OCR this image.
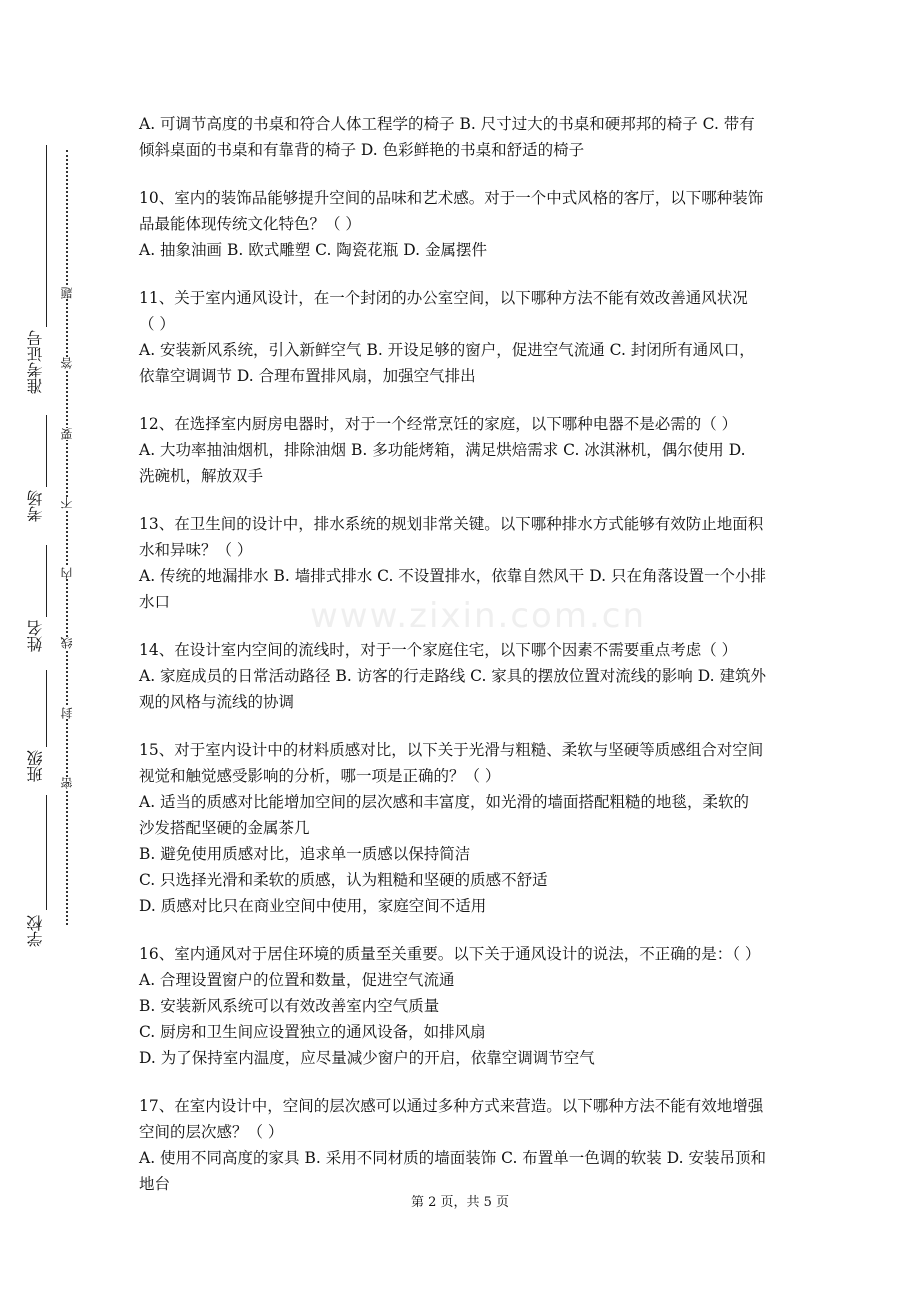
准考证号
考场
姓名
班级
学校
题
答
要
不
内
线
封
密
www.zixin.com.cn
A. 可调节高度的书桌和符合人体工程学的椅子 B. 尺寸过大的书桌和硬邦邦的椅子 C. 带有
倾斜桌面的书桌和有靠背的椅子 D. 色彩鲜艳的书桌和舒适的椅子
10、室内的装饰品能够提升空间的品味和艺术感。对于一个中式风格的客厅，以下哪种装饰
品最能体现传统文化特色？（ ）
A. 抽象油画 B. 欧式雕塑 C. 陶瓷花瓶 D. 金属摆件
11、关于室内通风设计，在一个封闭的办公室空间，以下哪种方法不能有效改善通风状况
（ ）
A. 安装新风系统，引入新鲜空气 B. 开设足够的窗户，促进空气流通 C. 封闭所有通风口，
依靠空调调节 D. 合理布置排风扇，加强空气排出
12、在选择室内厨房电器时，对于一个经常烹饪的家庭，以下哪种电器不是必需的（ ）
A. 大功率抽油烟机，排除油烟 B. 多功能烤箱，满足烘焙需求 C. 冰淇淋机，偶尔使用 D.
洗碗机，解放双手
13、在卫生间的设计中，排水系统的规划非常关键。以下哪种排水方式能够有效防止地面积
水和异味？（ ）
A. 传统的地漏排水 B. 墙排式排水 C. 不设置排水，依靠自然风干 D. 只在角落设置一个小排
水口
14、在设计室内空间的流线时，对于一个家庭住宅，以下哪个因素不需要重点考虑（ ）
A. 家庭成员的日常活动路径 B. 访客的行走路线 C. 家具的摆放位置对流线的影响 D. 建筑外
观的风格与流线的协调
15、对于室内设计中的材料质感对比，以下关于光滑与粗糙、柔软与坚硬等质感组合对空间
视觉和触觉感受影响的分析，哪一项是正确的？（ ）
A. 适当的质感对比能增加空间的层次感和丰富度，如光滑的墙面搭配粗糙的地毯，柔软的
沙发搭配坚硬的金属茶几
B. 避免使用质感对比，追求单一质感以保持简洁
C. 只选择光滑和柔软的质感，认为粗糙和坚硬的质感不舒适
D. 质感对比只在商业空间中使用，家庭空间不适用
16、室内通风对于居住环境的质量至关重要。以下关于通风设计的说法，不正确的是：（ ）
A. 合理设置窗户的位置和数量，促进空气流通
B. 安装新风系统可以有效改善室内空气质量
C. 厨房和卫生间应设置独立的通风设备，如排风扇
D. 为了保持室内温度，应尽量减少窗户的开启，依靠空调调节空气
17、在室内设计中，空间的层次感可以通过多种方式来营造。以下哪种方法不能有效地增强
空间的层次感？（ ）
A. 使用不同高度的家具 B. 采用不同材质的墙面装饰 C. 布置单一色调的软装 D. 安装吊顶和
地台
第 2 页，共 5 页
